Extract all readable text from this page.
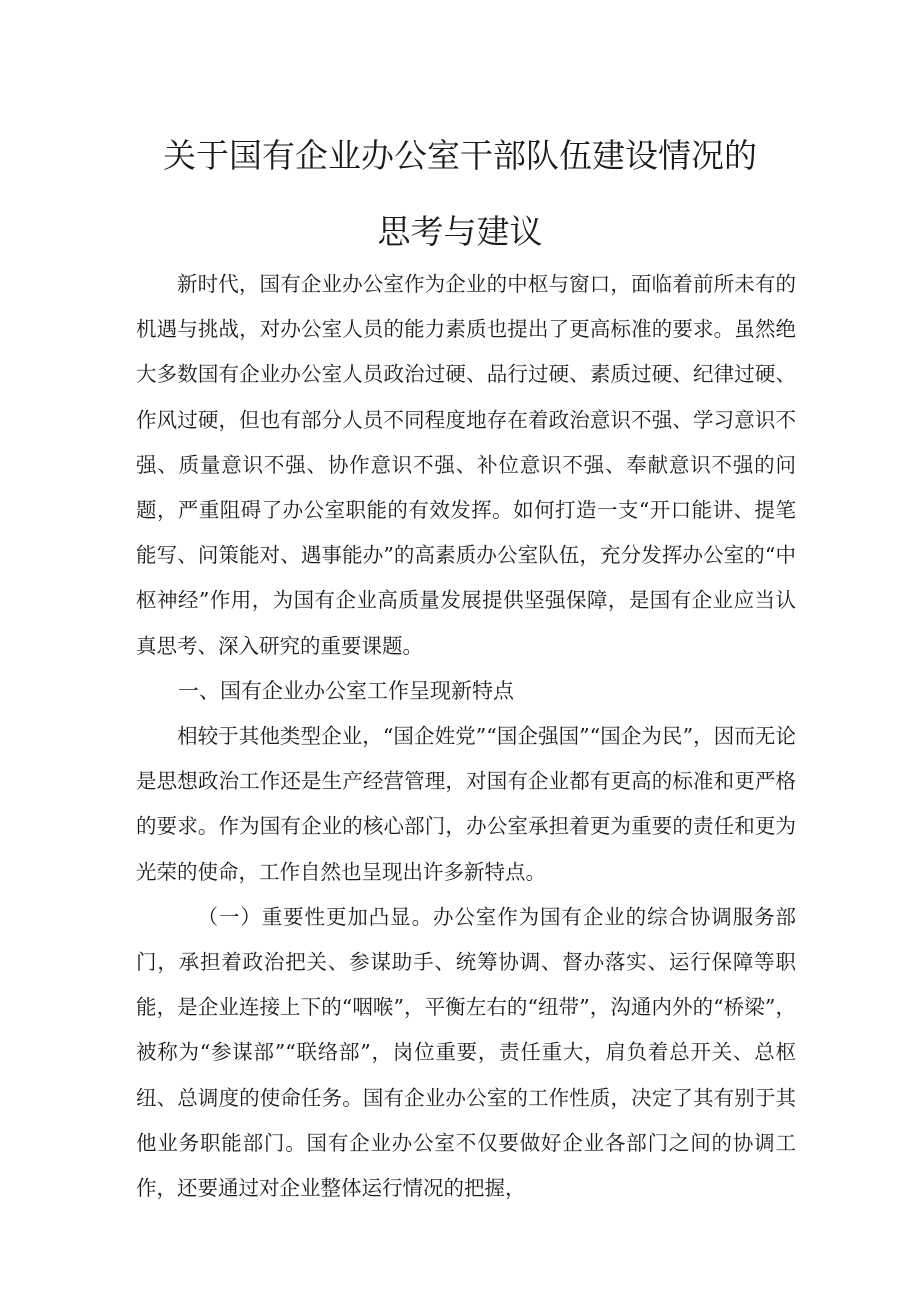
关于国有企业办公室干部队伍建设情况的
思考与建议

新时代，国有企业办公室作为企业的中枢与窗口，面临着前所未有的机遇与挑战，对办公室人员的能力素质也提出了更高标准的要求。虽然绝大多数国有企业办公室人员政治过硬、品行过硬、素质过硬、纪律过硬、作风过硬，但也有部分人员不同程度地存在着政治意识不强、学习意识不强、质量意识不强、协作意识不强、补位意识不强、奉献意识不强的问题，严重阻碍了办公室职能的有效发挥。如何打造一支“开口能讲、提笔能写、问策能对、遇事能办”的高素质办公室队伍，充分发挥办公室的“中枢神经”作用，为国有企业高质量发展提供坚强保障，是国有企业应当认真思考、深入研究的重要课题。

一、国有企业办公室工作呈现新特点

相较于其他类型企业，“国企姓党”“国企强国”“国企为民”，因而无论是思想政治工作还是生产经营管理，对国有企业都有更高的标准和更严格的要求。作为国有企业的核心部门，办公室承担着更为重要的责任和更为光荣的使命，工作自然也呈现出许多新特点。

（一）重要性更加凸显。办公室作为国有企业的综合协调服务部门，承担着政治把关、参谋助手、统筹协调、督办落实、运行保障等职能，是企业连接上下的“咽喉”，平衡左右的“纽带”，沟通内外的“桥梁”，被称为“参谋部”“联络部”，岗位重要，责任重大，肩负着总开关、总枢纽、总调度的使命任务。国有企业办公室的工作性质，决定了其有别于其他业务职能部门。国有企业办公室不仅要做好企业各部门之间的协调工作，还要通过对企业整体运行情况的把握，
